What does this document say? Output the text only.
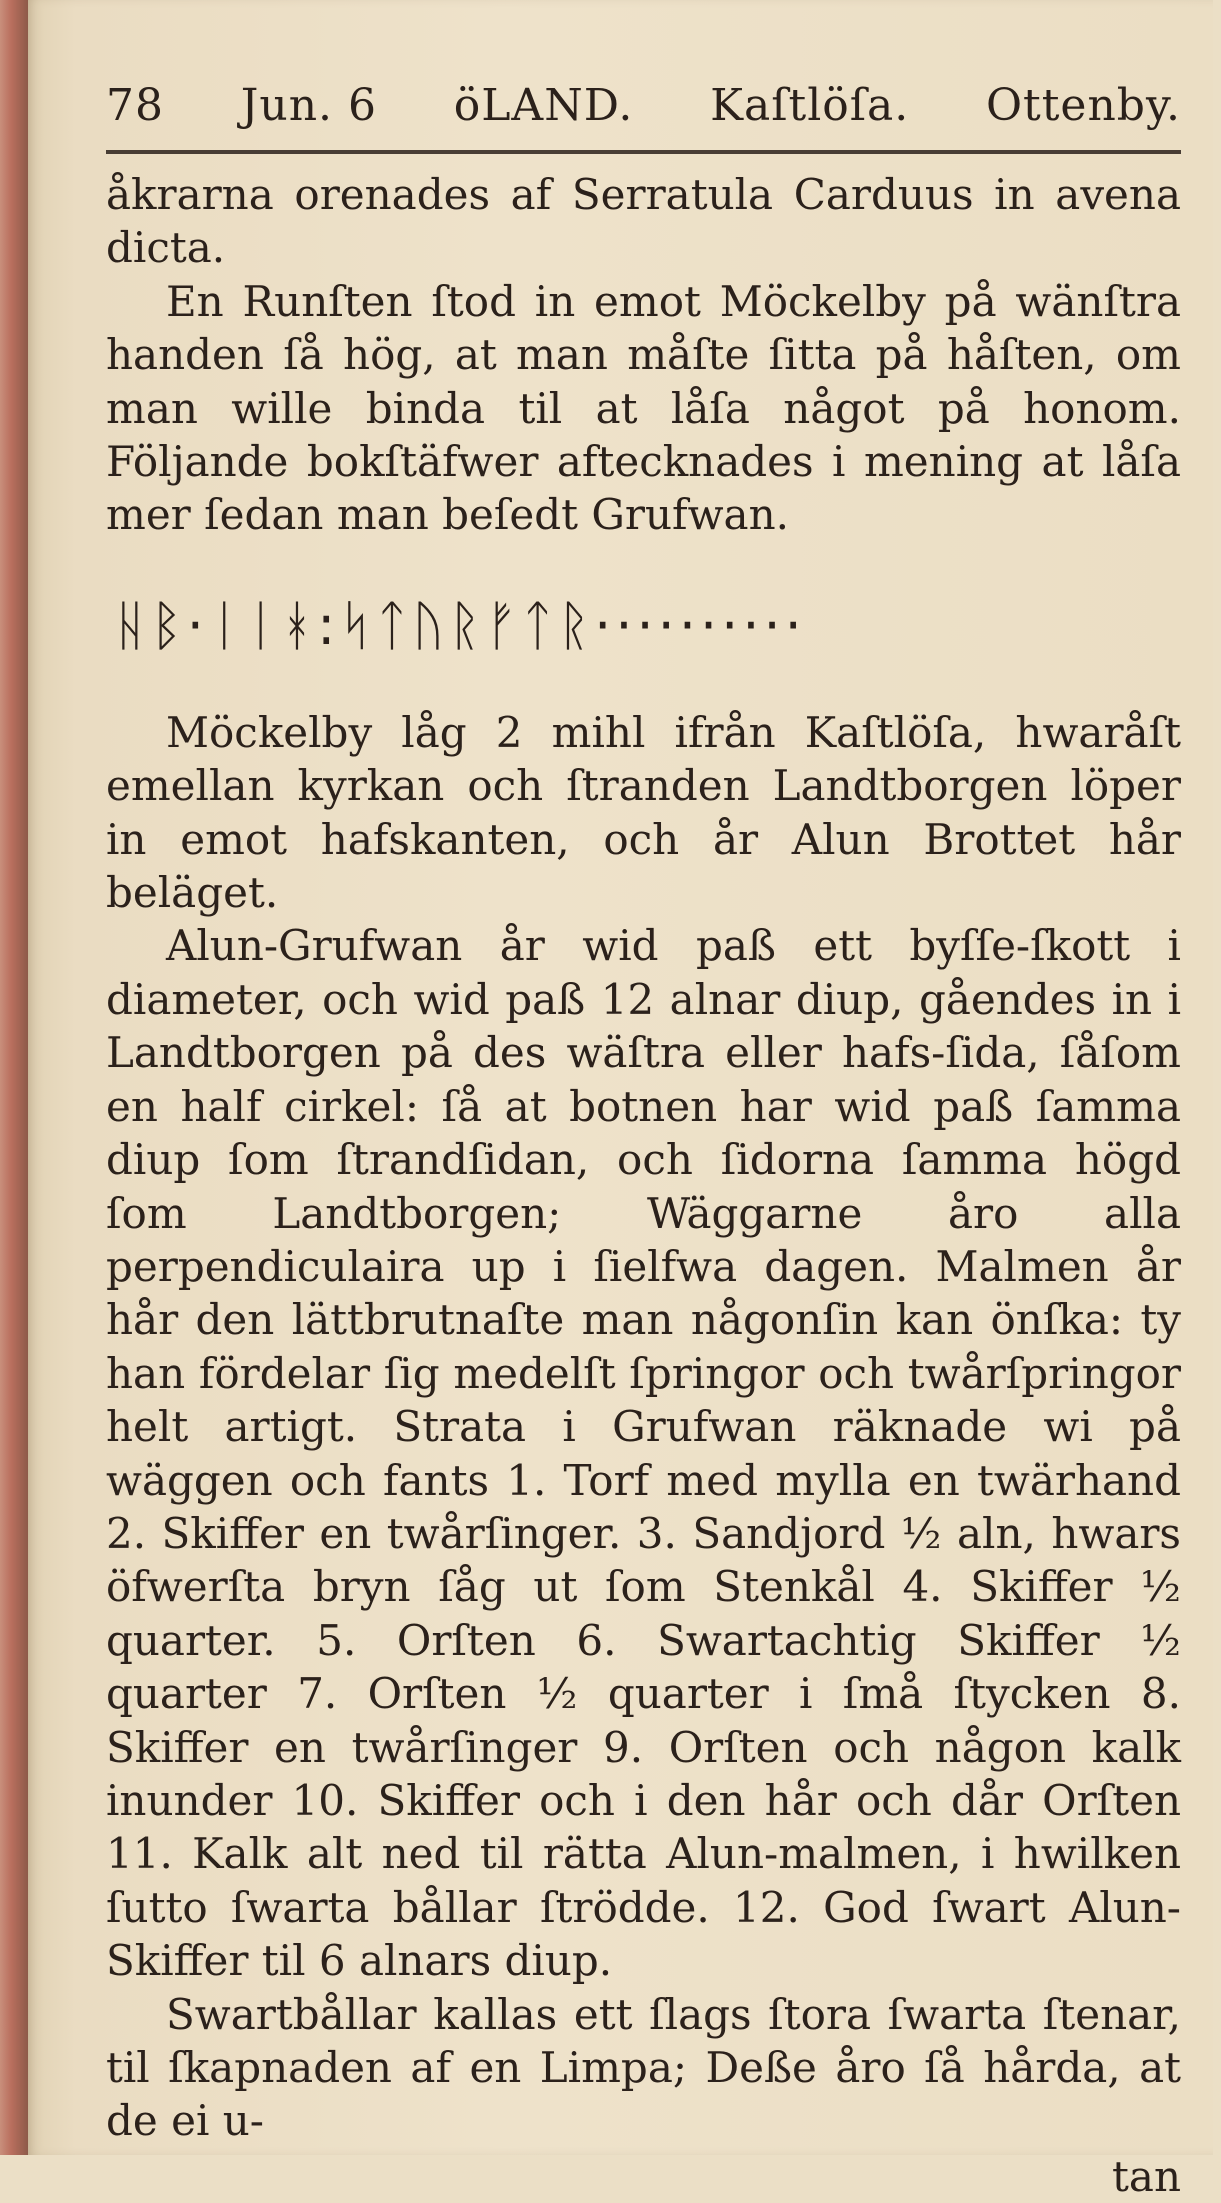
78 Jun. 6 öLAND. Kaſtlöſa. Ottenby.

åkrarna orenades af Serratula Carduus in avena dicta.

En Runſten ſtod in emot Möckelby på wänſtra handen ſå hög, at man måſte ſitta på håſten, om man wille binda til at låſa något på honom. Följande bokſtäfwer aftecknades i mening at låſa mer ſedan man beſedt Grufwan.

ᚺᛒ·ᛁᛁᚼ:ᛋᛏᚢᚱᚠᛏᚱ··········

Möckelby låg 2 mihl ifrån Kaſtlöſa, hwaråſt emellan kyrkan och ſtranden Landtborgen löper in emot hafskanten, och år Alun Brottet hår beläget.

Alun-Grufwan år wid paß ett byſſe-ſkott i diameter, och wid paß 12 alnar diup, gåendes in i Landtborgen på des wäſtra eller hafs-ſida, ſåſom en half cirkel: ſå at botnen har wid paß ſamma diup ſom ſtrandſidan, och ſidorna ſamma högd ſom Landtborgen; Wäggarne åro alla perpendiculaira up i ſielfwa dagen. Malmen år hår den lättbrutnaſte man någonſin kan önſka: ty han fördelar ſig medelſt ſpringor och twårſpringor helt artigt. Strata i Grufwan räknade wi på wäggen och fants 1. Torf med mylla en twärhand 2. Skiffer en twårſinger. 3. Sandjord ½ aln, hwars öfwerſta bryn ſåg ut ſom Stenkål 4. Skiffer ½ quarter. 5. Orſten 6. Swartachtig Skiffer ½ quarter 7. Orſten ½ quarter i ſmå ſtycken 8. Skiffer en twårſinger 9. Orſten och någon kalk inunder 10. Skiffer och i den hår och dår Orſten 11. Kalk alt ned til rätta Alun-malmen, i hwilken ſutto ſwarta bållar ſtrödde. 12. God ſwart Alun-Skiffer til 6 alnars diup.

Swartbållar kallas ett ſlags ſtora ſwarta ſtenar, til ſkapnaden af en Limpa; Deße åro ſå hårda, at de ei u-

tan
